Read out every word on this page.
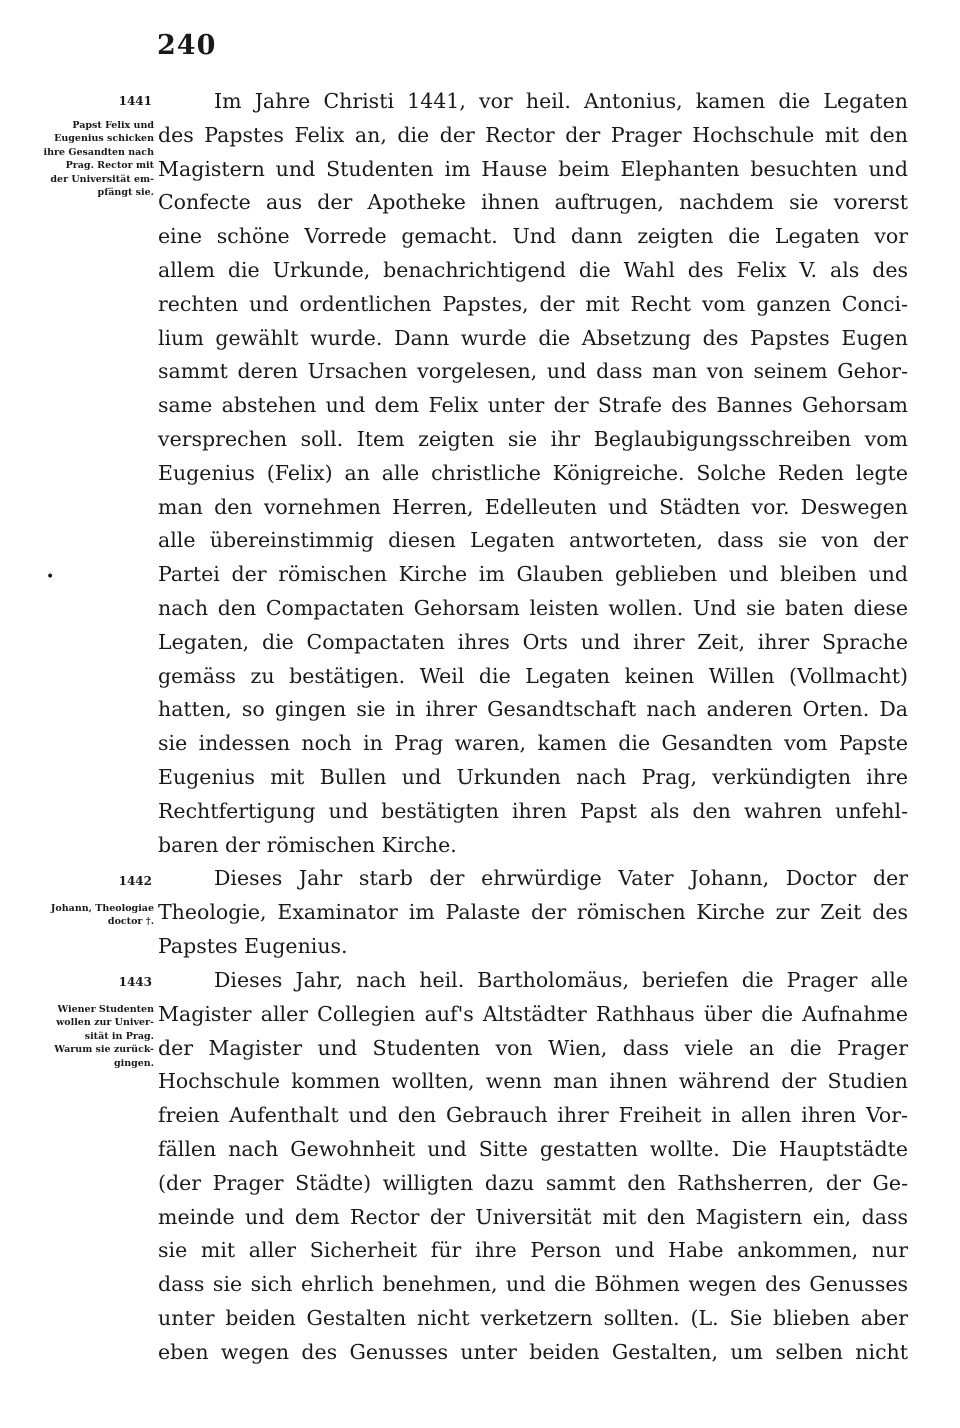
240
1441
Papst Felix und
Eugenius schicken
ihre Gesandten nach
Prag. Rector mit
der Universität em-
pfängt sie.
Im Jahre Christi 1441, vor heil. Antonius, kamen die Legaten
des Papstes Felix an, die der Rector der Prager Hochschule mit den
Magistern und Studenten im Hause beim Elephanten besuchten und
Confecte aus der Apotheke ihnen auftrugen, nachdem sie vorerst
eine schöne Vorrede gemacht. Und dann zeigten die Legaten vor
allem die Urkunde, benachrichtigend die Wahl des Felix V. als des
rechten und ordentlichen Papstes, der mit Recht vom ganzen Conci-
lium gewählt wurde. Dann wurde die Absetzung des Papstes Eugen
sammt deren Ursachen vorgelesen, und dass man von seinem Gehor-
same abstehen und dem Felix unter der Strafe des Bannes Gehorsam
versprechen soll. Item zeigten sie ihr Beglaubigungsschreiben vom
Eugenius (Felix) an alle christliche Königreiche. Solche Reden legte
man den vornehmen Herren, Edelleuten und Städten vor. Deswegen
alle übereinstimmig diesen Legaten antworteten, dass sie von der
Partei der römischen Kirche im Glauben geblieben und bleiben und
nach den Compactaten Gehorsam leisten wollen. Und sie baten diese
Legaten, die Compactaten ihres Orts und ihrer Zeit, ihrer Sprache
gemäss zu bestätigen. Weil die Legaten keinen Willen (Vollmacht)
hatten, so gingen sie in ihrer Gesandtschaft nach anderen Orten. Da
sie indessen noch in Prag waren, kamen die Gesandten vom Papste
Eugenius mit Bullen und Urkunden nach Prag, verkündigten ihre
Rechtfertigung und bestätigten ihren Papst als den wahren unfehl-
baren der römischen Kirche.
•
1442
Johann, Theologiae
doctor †.
Dieses Jahr starb der ehrwürdige Vater Johann, Doctor der
Theologie, Examinator im Palaste der römischen Kirche zur Zeit des
Papstes Eugenius.
1443
Wiener Studenten
wollen zur Univer-
sität in Prag.
Warum sie zurück-
gingen.
Dieses Jahr, nach heil. Bartholomäus, beriefen die Prager alle
Magister aller Collegien auf's Altstädter Rathhaus über die Aufnahme
der Magister und Studenten von Wien, dass viele an die Prager
Hochschule kommen wollten, wenn man ihnen während der Studien
freien Aufenthalt und den Gebrauch ihrer Freiheit in allen ihren Vor-
fällen nach Gewohnheit und Sitte gestatten wollte. Die Hauptstädte
(der Prager Städte) willigten dazu sammt den Rathsherren, der Ge-
meinde und dem Rector der Universität mit den Magistern ein, dass
sie mit aller Sicherheit für ihre Person und Habe ankommen, nur
dass sie sich ehrlich benehmen, und die Böhmen wegen des Genusses
unter beiden Gestalten nicht verketzern sollten. (L. Sie blieben aber
eben wegen des Genusses unter beiden Gestalten, um selben nicht
